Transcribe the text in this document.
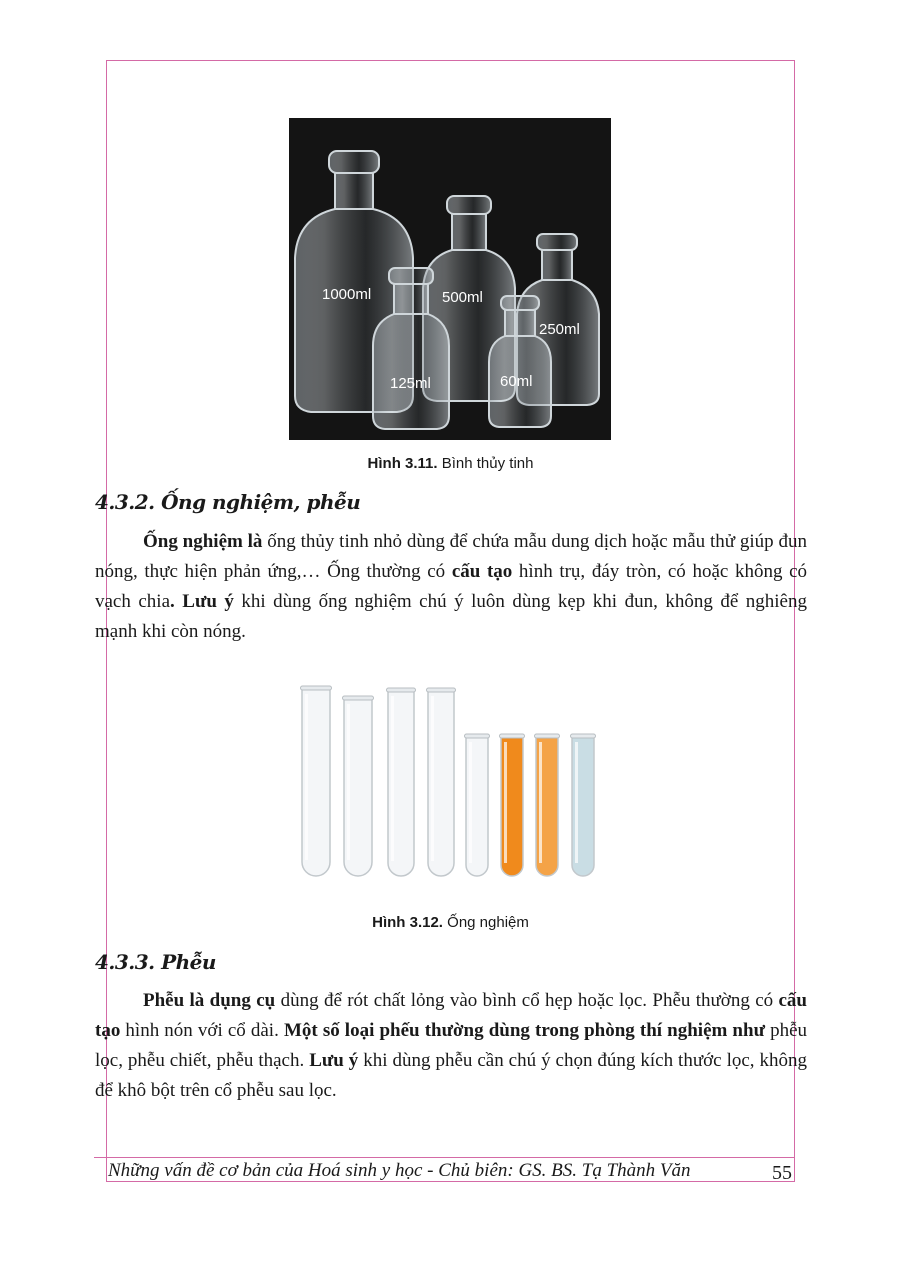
1000ml	500ml
250ml
125ml	60ml
Hình 3.11. Bình thủy tinh
4.3.2. Ống nghiệm, phễu
Ống nghiệm là ống thủy tinh nhỏ dùng để chứa mẫu dung dịch hoặc mẫu thử giúp đun nóng, thực hiện phản ứng,… Ống thường có cấu tạo hình trụ, đáy tròn, có hoặc không có vạch chia. Lưu ý khi dùng ống nghiệm chú ý luôn dùng kẹp khi đun, không để nghiêng mạnh khi còn nóng.
Hình 3.12. Ống nghiệm
4.3.3. Phễu
Phễu là dụng cụ dùng để rót chất lỏng vào bình cổ hẹp hoặc lọc. Phễu thường có cấu tạo hình nón với cổ dài. Một số loại phếu thường dùng trong phòng thí nghiệm như phễu lọc, phễu chiết, phễu thạch. Lưu ý khi dùng phễu cần chú ý chọn đúng kích thước lọc, không để khô bột trên cổ phễu sau lọc.
Những vấn đề cơ bản của Hoá sinh y học - Chủ biên: GS. BS. Tạ Thành Văn	55
